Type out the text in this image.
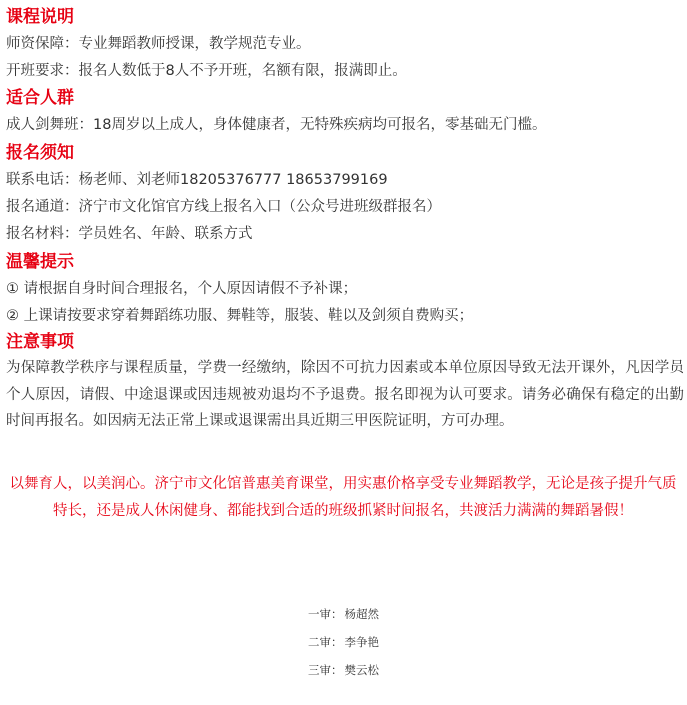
课程说明
师资保障：专业舞蹈教师授课，教学规范专业。
开班要求：报名人数低于8人不予开班，名额有限，报满即止。
适合人群
成人剑舞班：18周岁以上成人，身体健康者，无特殊疾病均可报名，零基础无门槛。
报名须知
联系电话：杨老师、刘老师18205376777 18653799169
报名通道：济宁市文化馆官方线上报名入口（公众号进班级群报名）
报名材料：学员姓名、年龄、联系方式
温馨提示
① 请根据自身时间合理报名，个人原因请假不予补课；
② 上课请按要求穿着舞蹈练功服、舞鞋等，服装、鞋以及剑须自费购买；
注意事项
为保障教学秩序与课程质量，学费一经缴纳，除因不可抗力因素或本单位原因导致无法开课外，凡因学员个人原因，请假、中途退课或因违规被劝退均不予退费。报名即视为认可要求。请务必确保有稳定的出勤时间再报名。如因病无法正常上课或退课需出具近期三甲医院证明，方可办理。
以舞育人，以美润心。济宁市文化馆普惠美育课堂，用实惠价格享受专业舞蹈教学，无论是孩子提升气质特长，还是成人休闲健身、都能找到合适的班级抓紧时间报名，共渡活力满满的舞蹈暑假！
一审： 杨超然
二审： 李争艳
三审： 樊云松
